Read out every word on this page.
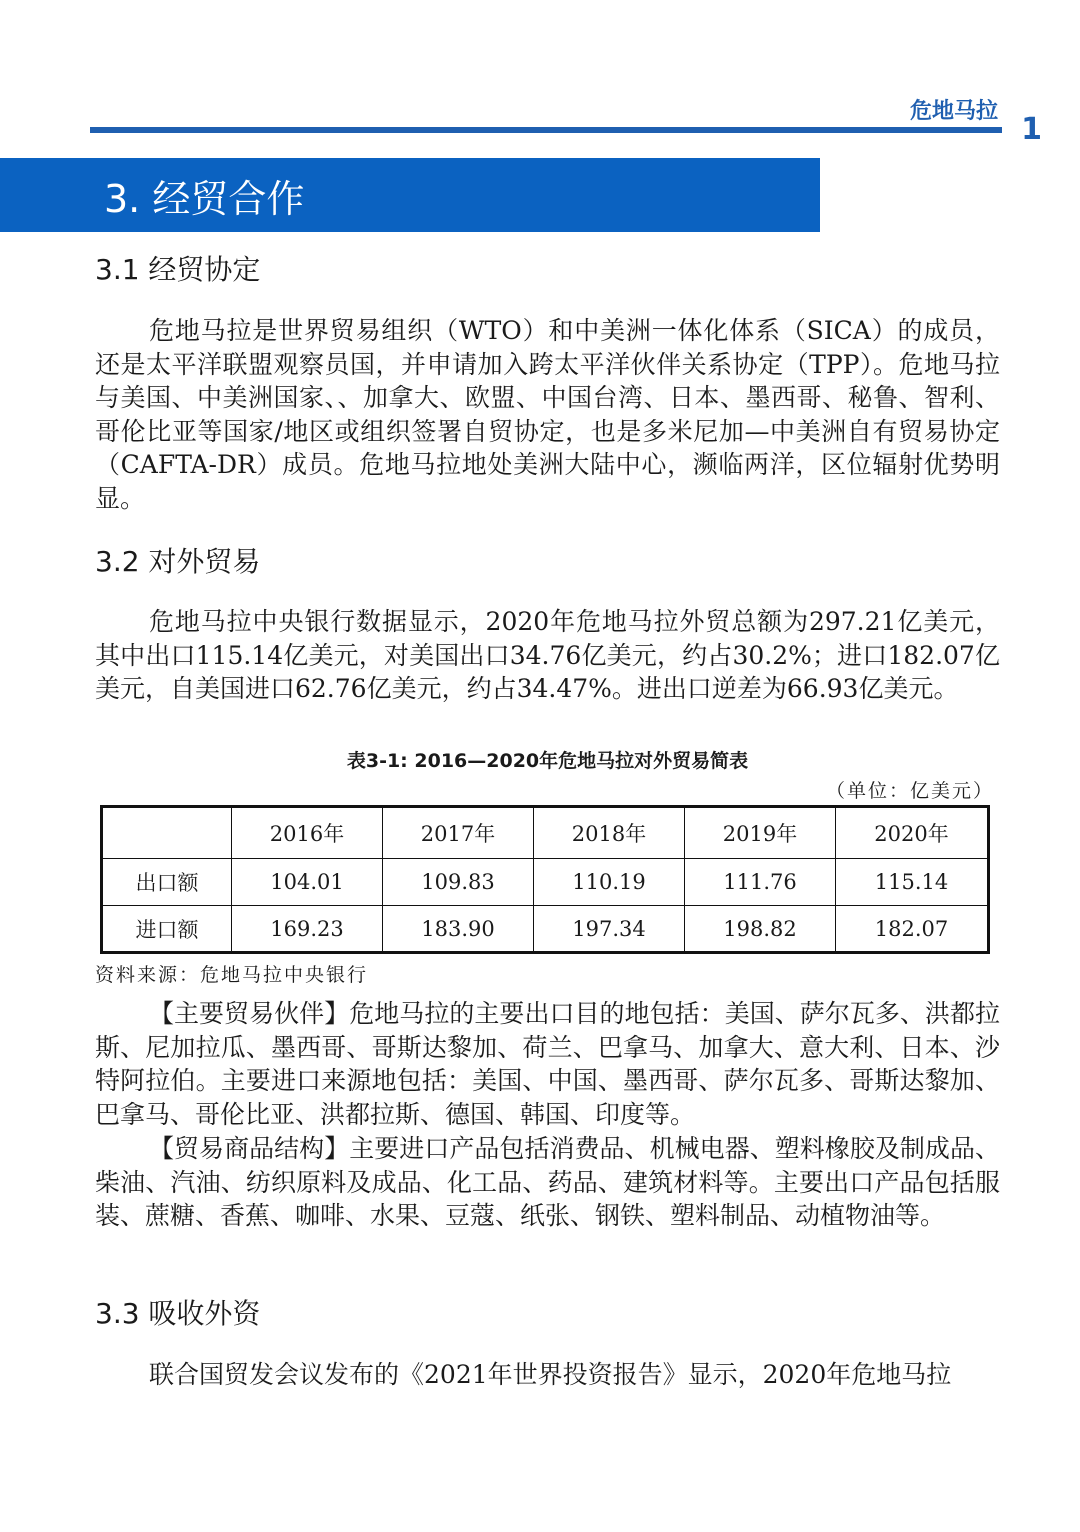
危地马拉
1
3. 经贸合作
3.1 经贸协定

危地马拉是世界贸易组织（WTO）和中美洲一体化体系（SICA）的成员，还是太平洋联盟观察员国，并申请加入跨太平洋伙伴关系协定（TPP）。危地马拉与美国、中美洲国家、、加拿大、欧盟、中国台湾、日本、墨西哥、秘鲁、智利、哥伦比亚等国家/地区或组织签署自贸协定，也是多米尼加—中美洲自有贸易协定（CAFTA-DR）成员。危地马拉地处美洲大陆中心，濒临两洋，区位辐射优势明显。

3.2 对外贸易

危地马拉中央银行数据显示，2020年危地马拉外贸总额为297.21亿美元，其中出口115.14亿美元，对美国出口34.76亿美元，约占30.2%；进口182.07亿美元，自美国进口62.76亿美元，约占34.47%。进出口逆差为66.93亿美元。

表3-1: 2016—2020年危地马拉对外贸易简表
（单位：亿美元）
	2016年	2017年	2018年	2019年	2020年
出口额	104.01	109.83	110.19	111.76	115.14
进口额	169.23	183.90	197.34	198.82	182.07
资料来源：危地马拉中央银行

【主要贸易伙伴】危地马拉的主要出口目的地包括：美国、萨尔瓦多、洪都拉斯、尼加拉瓜、墨西哥、哥斯达黎加、荷兰、巴拿马、加拿大、意大利、日本、沙特阿拉伯。主要进口来源地包括：美国、中国、墨西哥、萨尔瓦多、哥斯达黎加、巴拿马、哥伦比亚、洪都拉斯、德国、韩国、印度等。

【贸易商品结构】主要进口产品包括消费品、机械电器、塑料橡胶及制成品、柴油、汽油、纺织原料及成品、化工品、药品、建筑材料等。主要出口产品包括服装、蔗糖、香蕉、咖啡、水果、豆蔻、纸张、钢铁、塑料制品、动植物油等。

3.3 吸收外资

联合国贸发会议发布的《2021年世界投资报告》显示，2020年危地马拉
